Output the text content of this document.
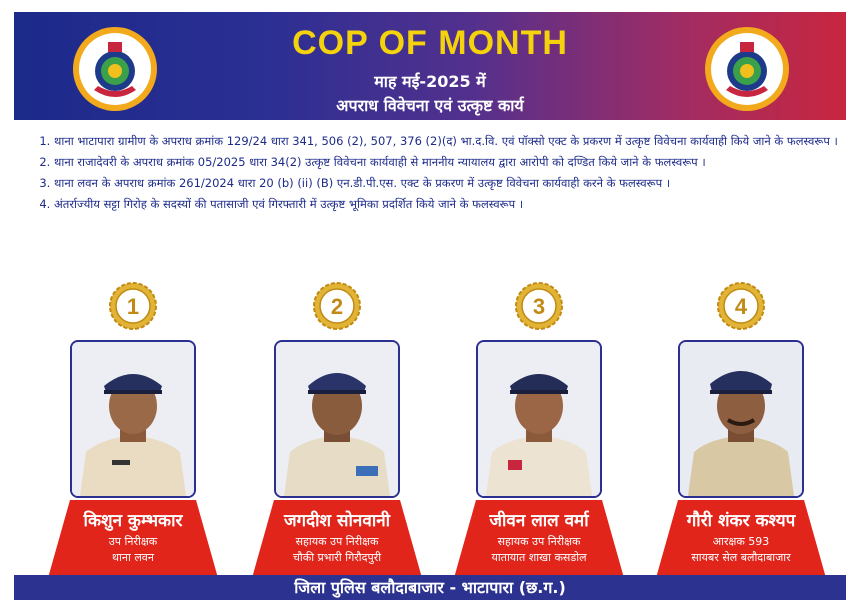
COP OF MONTH
माह मई-2025 में
अपराध विवेचना एवं उत्कृष्ट कार्य
1. थाना भाटापारा ग्रामीण के अपराध क्रमांक 129/24 धारा 341, 506 (2), 507, 376 (2)(द) भा.द.वि. एवं पॉक्सो एक्ट के प्रकरण में उत्कृष्ट विवेचना कार्यवाही किये जाने के फलस्वरूप ।
2. थाना राजादेवरी के अपराध क्रमांक 05/2025 धारा 34(2) उत्कृष्ट विवेचना कार्यवाही से माननीय न्यायालय द्वारा आरोपी को दण्डित किये जाने के फलस्वरूप ।
3. थाना लवन के अपराध क्रमांक 261/2024 धारा 20 (b) (ii) (B) एन.डी.पी.एस. एक्ट के प्रकरण में उत्कृष्ट विवेचना कार्यवाही करने के फलस्वरूप ।
4. अंतर्राज्यीय सट्टा गिरोह के सदस्यों की पतासाजी एवं गिरफ्तारी में उत्कृष्ट भूमिका प्रदर्शित किये जाने के फलस्वरूप ।
1
किशुन कुम्भकार
उप निरीक्षक
थाना लवन
2
जगदीश सोनवानी
सहायक उप निरीक्षक
चौकी प्रभारी गिरौदपुरी
3
जीवन लाल वर्मा
सहायक उप निरीक्षक
यातायात शाखा कसडोल
4
गौरी शंकर कश्यप
आरक्षक 593
सायबर सेल बलौदाबाजार
जिला पुलिस बलौदाबाजार - भाटापारा (छ.ग.)
